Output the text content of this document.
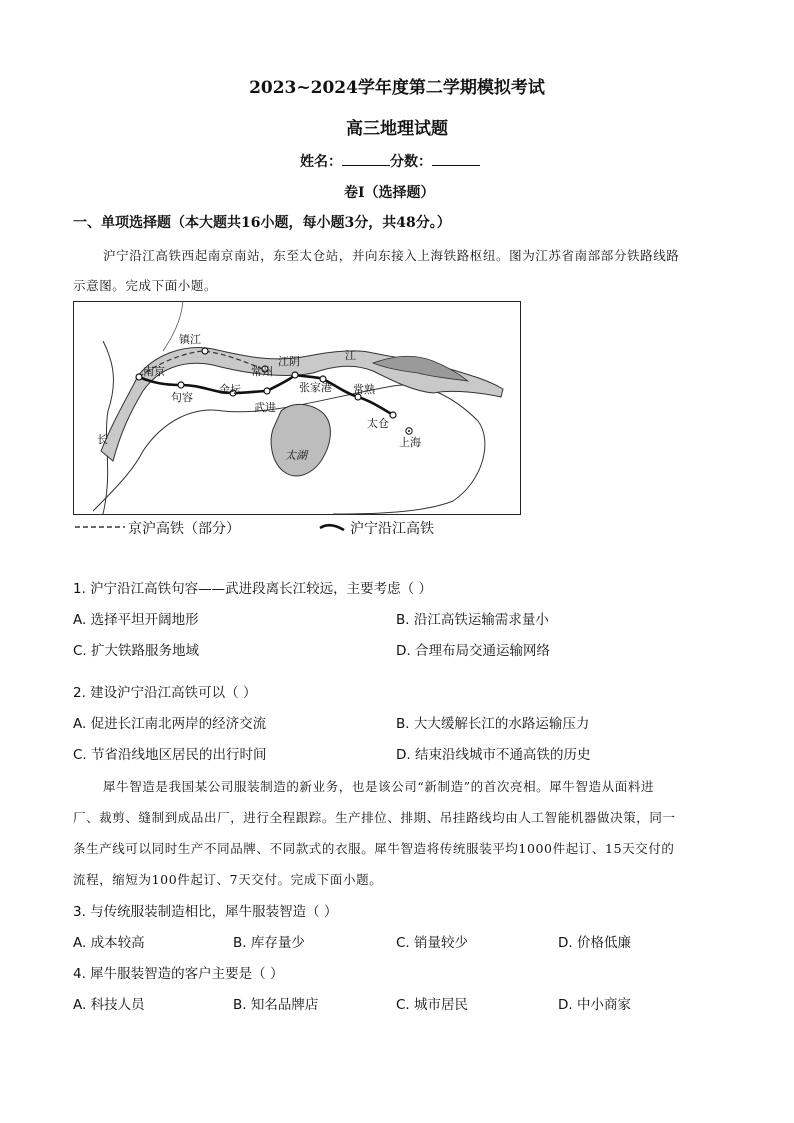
2023~2024学年度第二学期模拟考试
高三地理试题
姓名：	分数：
卷Ⅰ（选择题）
一、单项选择题（本大题共16小题，每小题3分，共48分。）
沪宁沿江高铁西起南京南站，东至太仓站，并向东接入上海铁路枢纽。图为江苏省南部部分铁路线路
示意图。完成下面小题。
镇江
南京
句容
金坛
常州
武进
江阴
张家港 常熟
太仓
上海
太湖
长
江
京沪高铁（部分）	沪宁沿江高铁
1. 沪宁沿江高铁句容——武进段离长江较远，主要考虑（ ）
A. 选择平坦开阔地形	B. 沿江高铁运输需求量小
C. 扩大铁路服务地域	D. 合理布局交通运输网络
2. 建设沪宁沿江高铁可以（ ）
A. 促进长江南北两岸的经济交流	B. 大大缓解长江的水路运输压力
C. 节省沿线地区居民的出行时间	D. 结束沿线城市不通高铁的历史
犀牛智造是我国某公司服装制造的新业务，也是该公司“新制造”的首次亮相。犀牛智造从面料进
厂、裁剪、缝制到成品出厂，进行全程跟踪。生产排位、排期、吊挂路线均由人工智能机器做决策，同一
条生产线可以同时生产不同品牌、不同款式的衣服。犀牛智造将传统服装平均1000件起订、15天交付的
流程，缩短为100件起订、7天交付。完成下面小题。
3. 与传统服装制造相比，犀牛服装智造（ ）
A. 成本较高	B. 库存量少	C. 销量较少	D. 价格低廉
4. 犀牛服装智造的客户主要是（ ）
A. 科技人员	B. 知名品牌店	C. 城市居民	D. 中小商家
